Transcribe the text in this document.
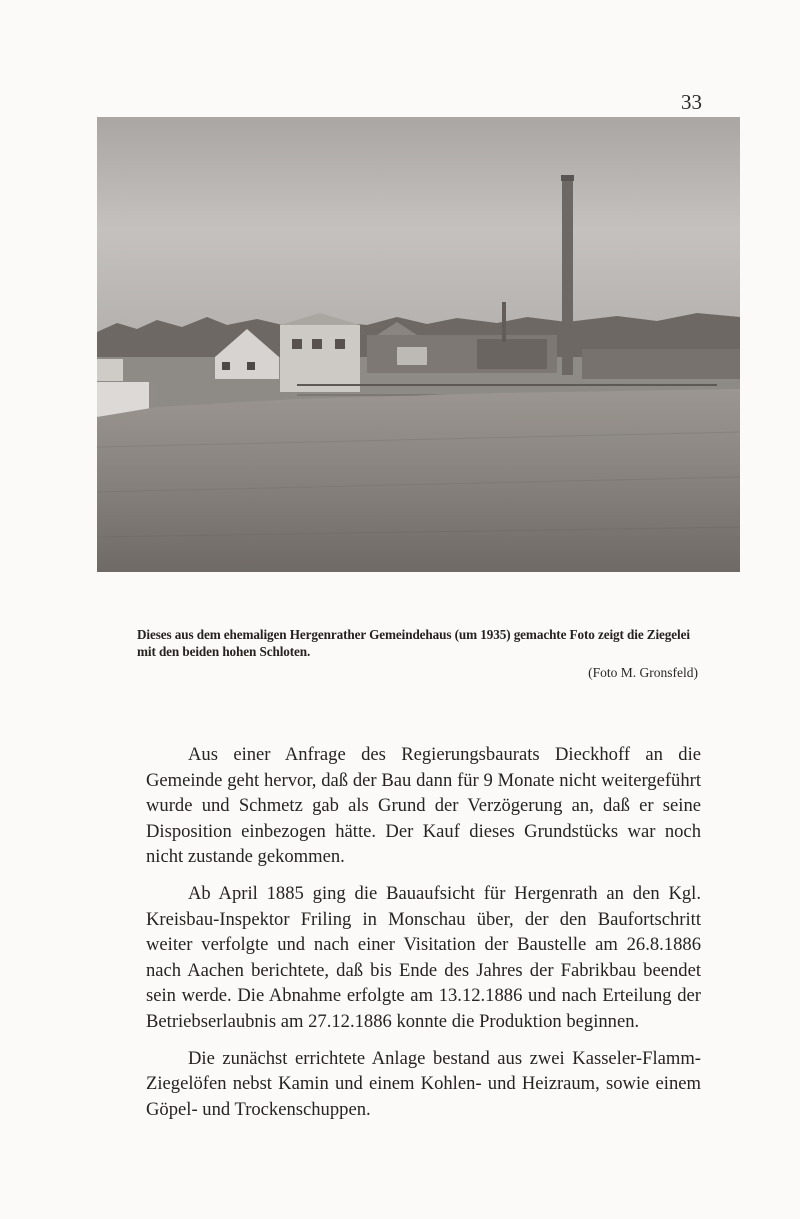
33
Dieses aus dem ehemaligen Hergenrather Gemeindehaus (um 1935) gemachte Foto zeigt die Ziegelei mit den beiden hohen Schloten.
(Foto M. Gronsfeld)

Aus einer Anfrage des Regierungsbaurats Dieckhoff an die Gemeinde geht hervor, daß der Bau dann für 9 Monate nicht weitergeführt wurde und Schmetz gab als Grund der Verzögerung an, daß er seine Disposition einbezogen hätte. Der Kauf dieses Grundstücks war noch nicht zustande gekommen.

Ab April 1885 ging die Bauaufsicht für Hergenrath an den Kgl. Kreisbau-Inspektor Friling in Monschau über, der den Baufortschritt weiter verfolgte und nach einer Visitation der Baustelle am 26.8.1886 nach Aachen berichtete, daß bis Ende des Jahres der Fabrikbau beendet sein werde. Die Abnahme erfolgte am 13.12.1886 und nach Erteilung der Betriebserlaubnis am 27.12.1886 konnte die Produktion beginnen.

Die zunächst errichtete Anlage bestand aus zwei Kasseler-Flamm-Ziegelöfen nebst Kamin und einem Kohlen- und Heizraum, sowie einem Göpel- und Trockenschuppen.
